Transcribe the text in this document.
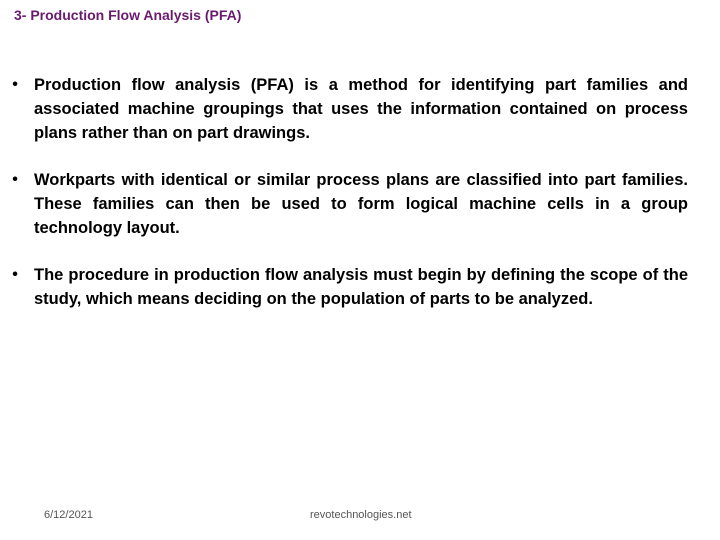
3- Production Flow Analysis (PFA)
• Production flow analysis (PFA) is a method for identifying part families and associated machine groupings that uses the information contained on process plans rather than on part drawings.
• Workparts with identical or similar process plans are classified into part families. These families can then be used to form logical machine cells in a group technology layout.
• The procedure in production flow analysis must begin by defining the scope of the study, which means deciding on the population of parts to be analyzed.
6/12/2021	revotechnologies.net
